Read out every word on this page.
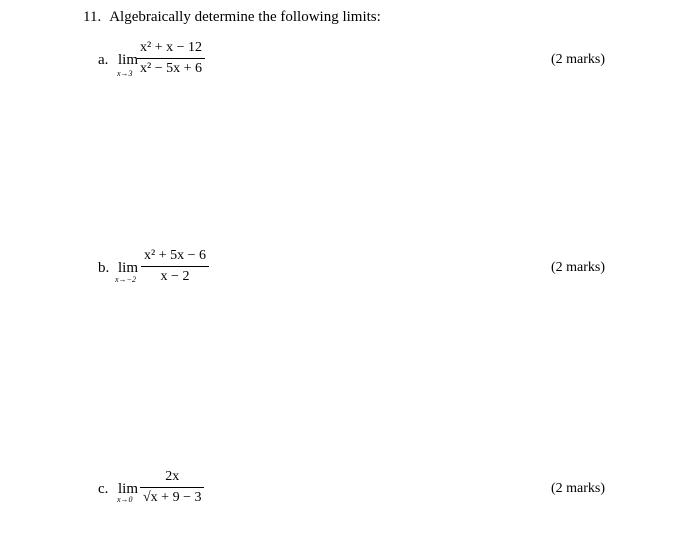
11. Algebraically determine the following limits:
a. lim
x→3
x² + x − 12
x² − 5x + 6
(2 marks)
b. lim
x→−2
x² + 5x − 6
x − 2
(2 marks)
c. lim
x→0
2x
√x + 9 − 3
(2 marks)
